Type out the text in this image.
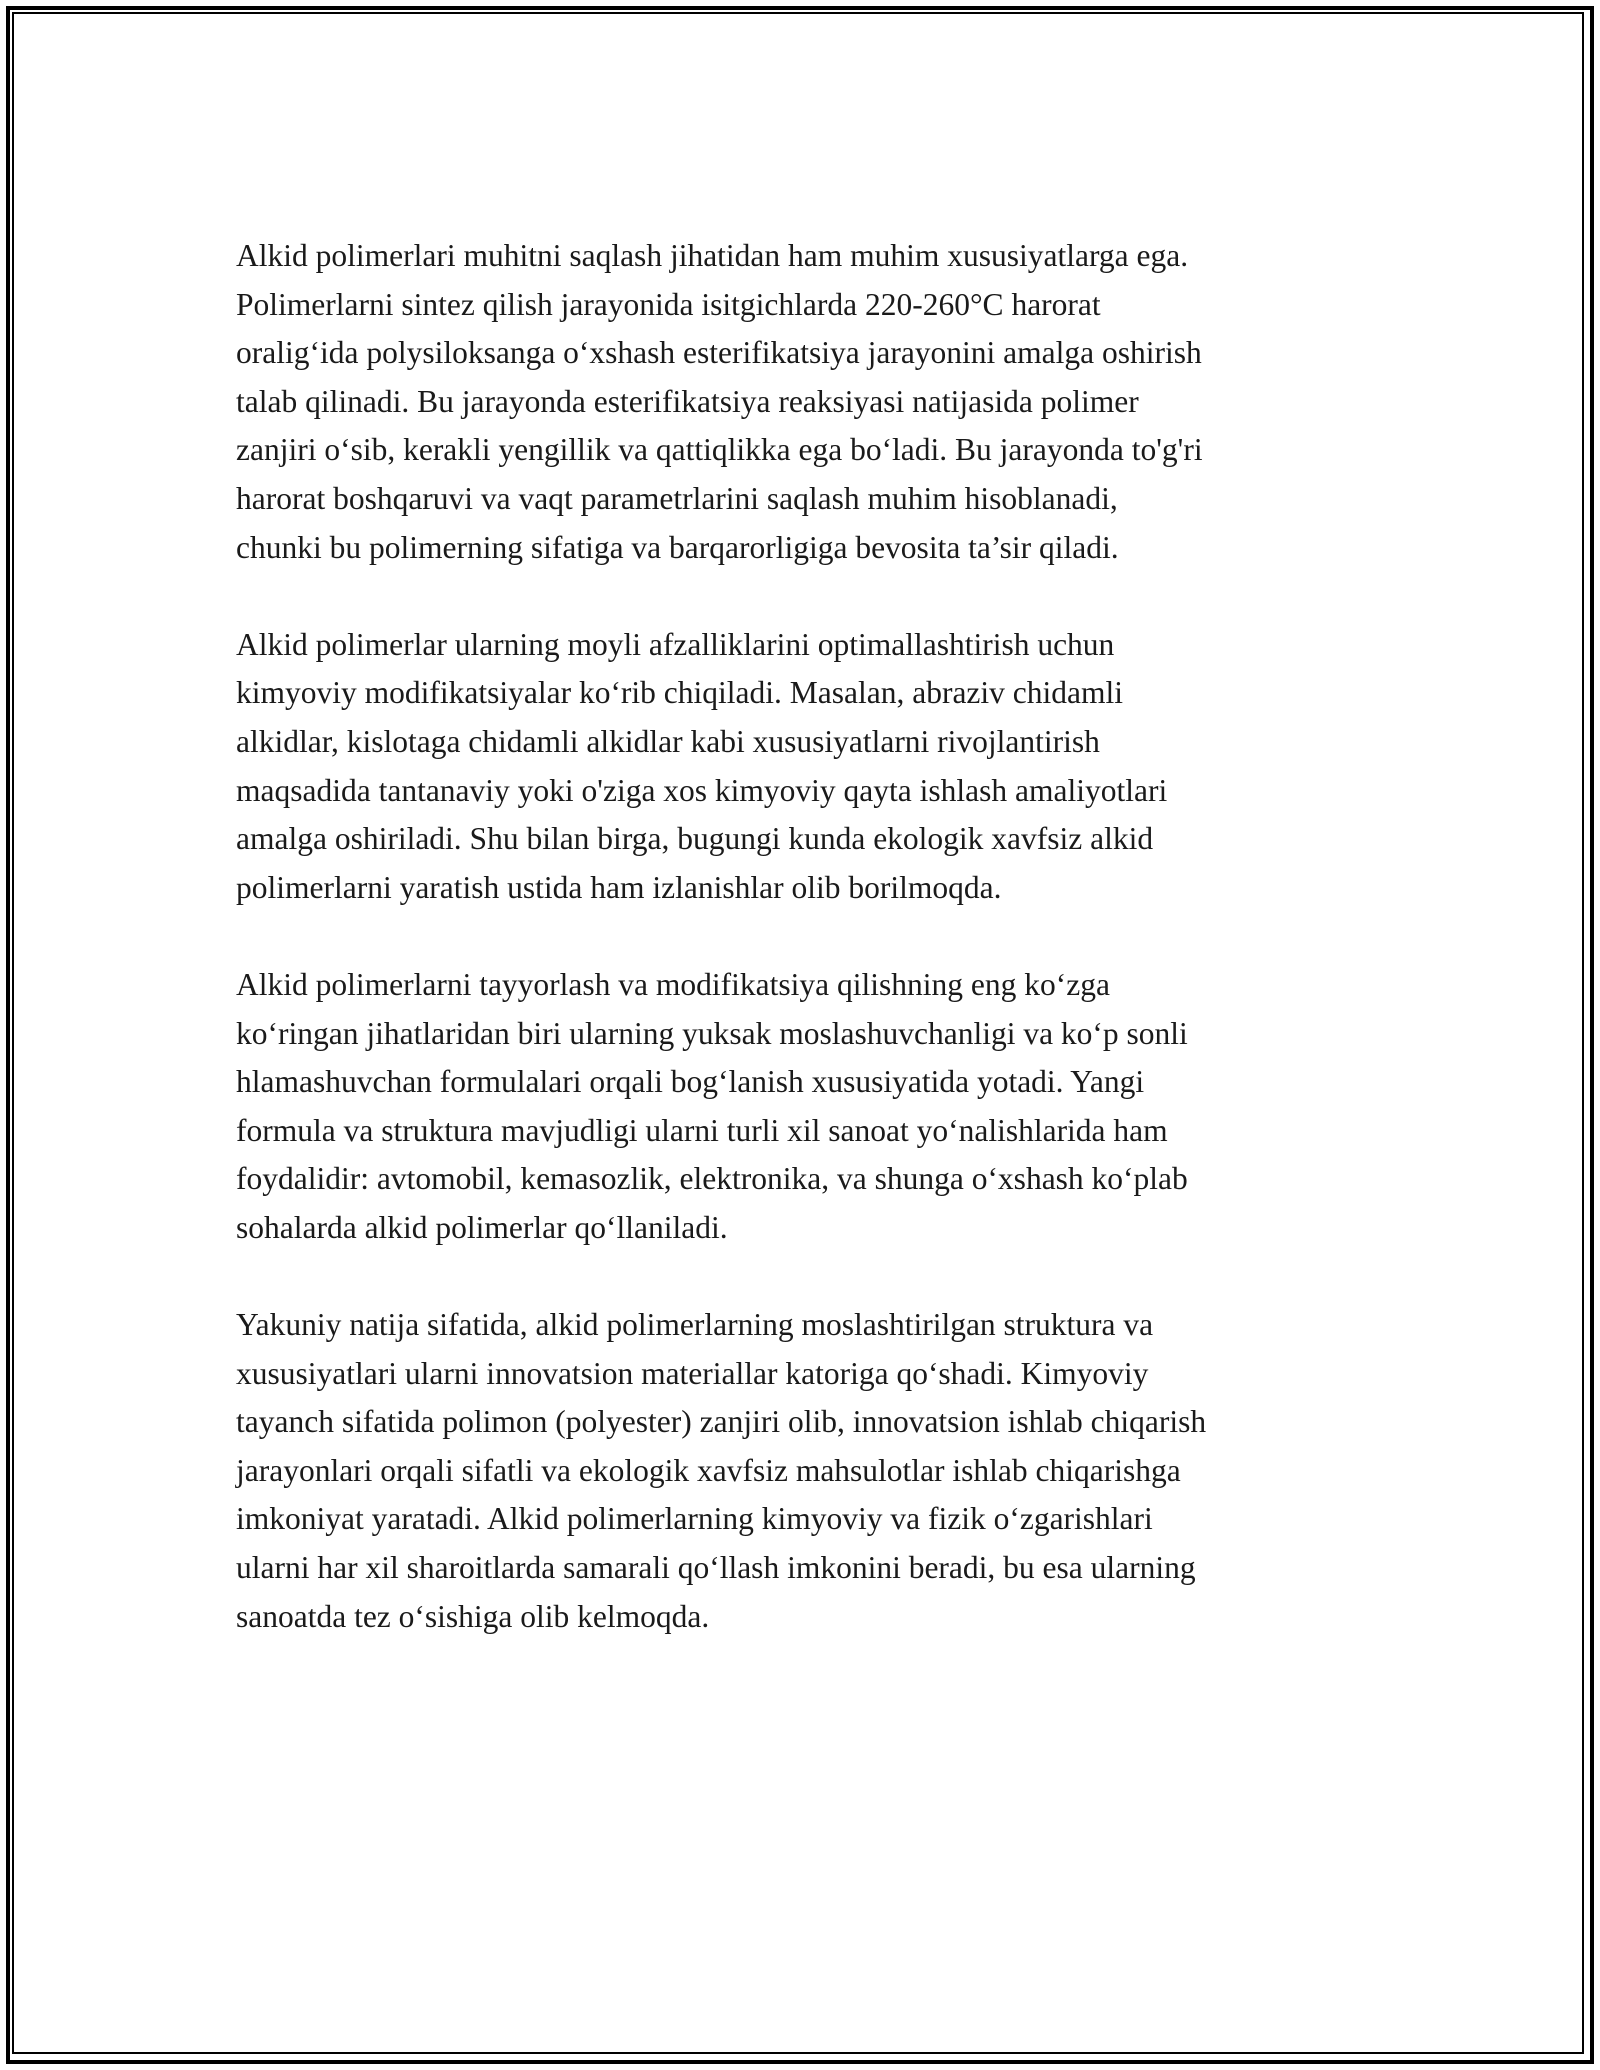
Alkid polimerlari muhitni saqlash jihatidan ham muhim xususiyatlarga ega.
Polimerlarni sintez qilish jarayonida isitgichlarda 220-260°C harorat
oralig‘ida polysiloksanga o‘xshash esterifikatsiya jarayonini amalga oshirish
talab qilinadi. Bu jarayonda esterifikatsiya reaksiyasi natijasida polimer
zanjiri o‘sib, kerakli yengillik va qattiqlikka ega bo‘ladi. Bu jarayonda to'g'ri
harorat boshqaruvi va vaqt parametrlarini saqlash muhim hisoblanadi,
chunki bu polimerning sifatiga va barqarorligiga bevosita ta’sir qiladi.

Alkid polimerlar ularning moyli afzalliklarini optimallashtirish uchun
kimyoviy modifikatsiyalar ko‘rib chiqiladi. Masalan, abraziv chidamli
alkidlar, kislotaga chidamli alkidlar kabi xususiyatlarni rivojlantirish
maqsadida tantanaviy yoki o'ziga xos kimyoviy qayta ishlash amaliyotlari
amalga oshiriladi. Shu bilan birga, bugungi kunda ekologik xavfsiz alkid
polimerlarni yaratish ustida ham izlanishlar olib borilmoqda.

Alkid polimerlarni tayyorlash va modifikatsiya qilishning eng ko‘zga
ko‘ringan jihatlaridan biri ularning yuksak moslashuvchanligi va ko‘p sonli
hlamashuvchan formulalari orqali bog‘lanish xususiyatida yotadi. Yangi
formula va struktura mavjudligi ularni turli xil sanoat yo‘nalishlarida ham
foydalidir: avtomobil, kemasozlik, elektronika, va shunga o‘xshash ko‘plab
sohalarda alkid polimerlar qo‘llaniladi.

Yakuniy natija sifatida, alkid polimerlarning moslashtirilgan struktura va
xususiyatlari ularni innovatsion materiallar katoriga qo‘shadi. Kimyoviy
tayanch sifatida polimon (polyester) zanjiri olib, innovatsion ishlab chiqarish
jarayonlari orqali sifatli va ekologik xavfsiz mahsulotlar ishlab chiqarishga
imkoniyat yaratadi. Alkid polimerlarning kimyoviy va fizik o‘zgarishlari
ularni har xil sharoitlarda samarali qo‘llash imkonini beradi, bu esa ularning
sanoatda tez o‘sishiga olib kelmoqda.
